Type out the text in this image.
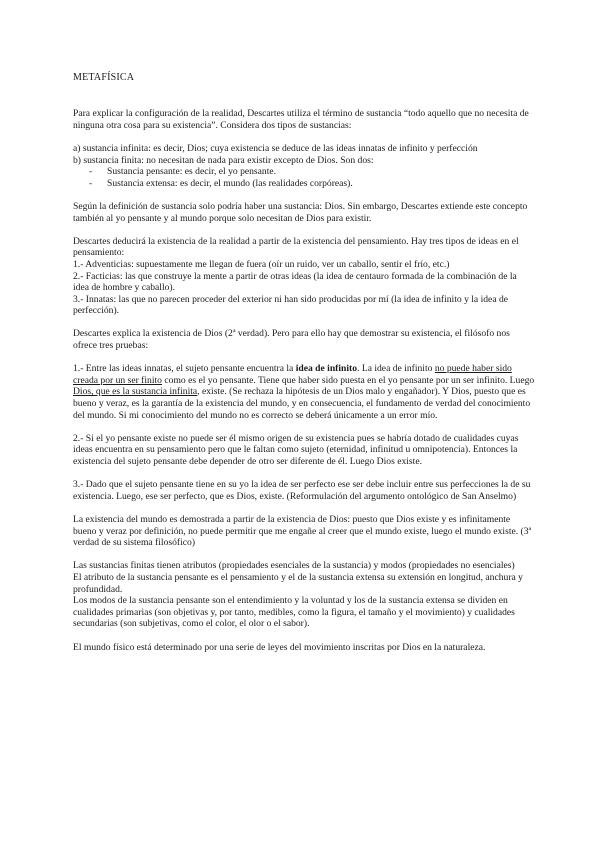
METAFÍSICA

Para explicar la configuración de la realidad, Descartes utiliza el término de sustancia “todo aquello que no necesita de ninguna otra cosa para su existencia”. Considera dos tipos de sustancias:

a) sustancia infinita: es decir, Dios; cuya existencia se deduce de las ideas innatas de infinito y perfección

b) sustancia finita: no necesitan de nada para existir excepto de Dios. Son dos:

- Sustancia pensante: es decir, el yo pensante.
- Sustancia extensa: es decir, el mundo (las realidades corpóreas).

Según la definición de sustancia solo podría haber una sustancia: Dios. Sin embargo, Descartes extiende este concepto también al yo pensante y al mundo porque solo necesitan de Dios para existir.

Descartes deducirá la existencia de la realidad a partir de la existencia del pensamiento. Hay tres tipos de ideas en el pensamiento:

1.- Adventicias: supuestamente me llegan de fuera (oír un ruido, ver un caballo, sentir el frío, etc.)

2.- Facticias: las que construye la mente a partir de otras ideas (la idea de centauro formada de la combinación de la idea de hombre y caballo).

3.- Innatas: las que no parecen proceder del exterior ni han sido producidas por mí (la idea de infinito y la idea de perfección).

Descartes explica la existencia de Dios (2ª verdad). Pero para ello hay que demostrar su existencia, el filósofo nos ofrece tres pruebas:

1.- Entre las ideas innatas, el sujeto pensante encuentra la idea de infinito. La idea de infinito no puede haber sido creada por un ser finito como es el yo pensante. Tiene que haber sido puesta en el yo pensante por un ser infinito. Luego Dios, que es la sustancia infinita, existe. (Se rechaza la hipótesis de un Dios malo y engañador). Y Dios, puesto que es bueno y veraz, es la garantía de la existencia del mundo, y en consecuencia, el fundamento de verdad del conocimiento del mundo. Si mi conocimiento del mundo no es correcto se deberá únicamente a un error mío.

2.- Si el yo pensante existe no puede ser él mismo origen de su existencia pues se habría dotado de cualidades cuyas ideas encuentra en su pensamiento pero que le faltan como sujeto (eternidad, infinitud u omnipotencia). Entonces la existencia del sujeto pensante debe depender de otro ser diferente de él. Luego Dios existe.

3.- Dado que el sujeto pensante tiene en su yo la idea de ser perfecto ese ser debe incluir entre sus perfecciones la de su existencia. Luego, ese ser perfecto, que es Dios, existe. (Reformulación del argumento ontológico de San Anselmo)

La existencia del mundo es demostrada a partir de la existencia de Dios: puesto que Dios existe y es infinitamente bueno y veraz por definición, no puede permitir que me engañe al creer que el mundo existe, luego el mundo existe. (3ª verdad de su sistema filosófico)

Las sustancias finitas tienen atributos (propiedades esenciales de la sustancia) y modos (propiedades no esenciales)

El atributo de la sustancia pensante es el pensamiento y el de la sustancia extensa su extensión en longitud, anchura y profundidad.

Los modos de la sustancia pensante son el entendimiento y la voluntad y los de la sustancia extensa se dividen en cualidades primarias (son objetivas y, por tanto, medibles, como la figura, el tamaño y el movimiento) y cualidades secundarias (son subjetivas, como el color, el olor o el sabor).

El mundo físico está determinado por una serie de leyes del movimiento inscritas por Dios en la naturaleza.
